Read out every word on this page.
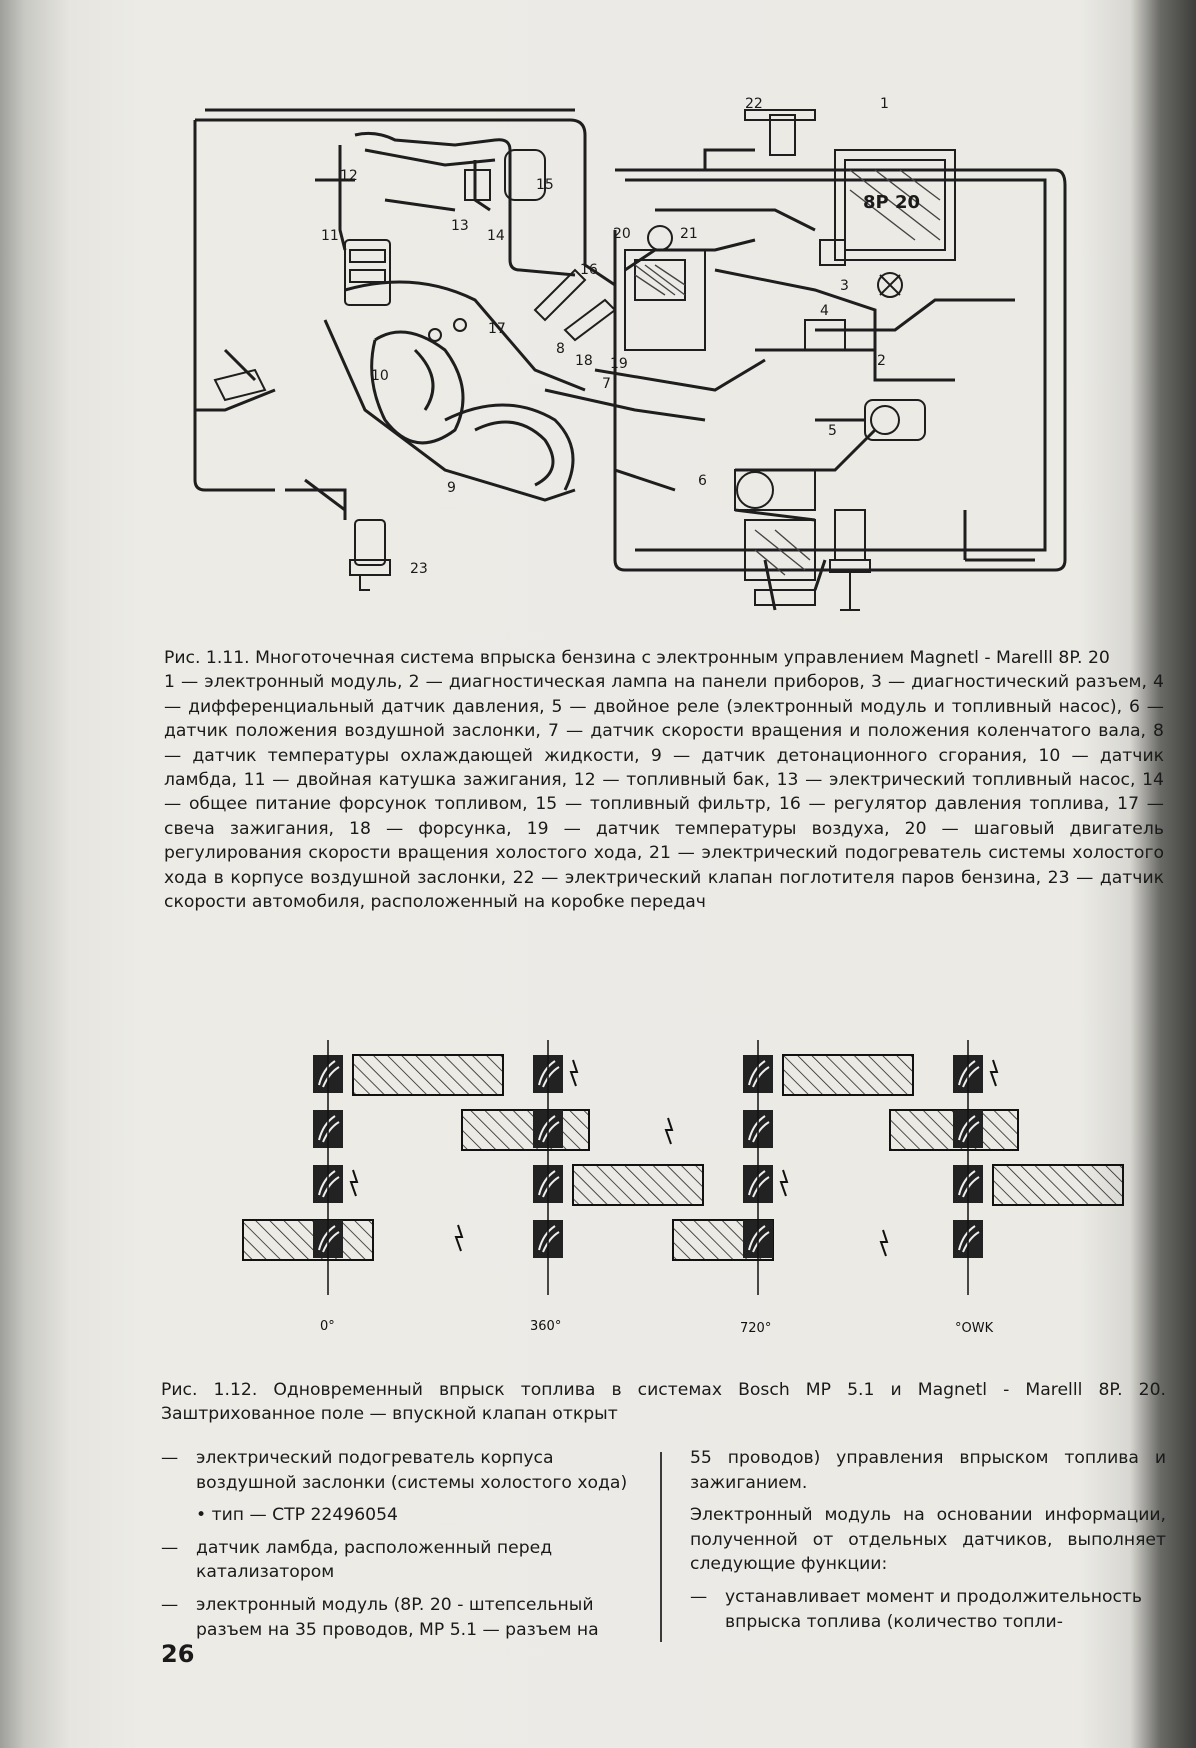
1
2
3
4
5
6
7
8
9
10
11
12
13
14
15
16
17
18 19
20	21
22
23
8P 20
Рис. 1.11. Многоточечная система впрыска бензина с электронным управлением Magnetl - Marelll 8P. 20
1 — электронный модуль, 2 — диагностическая лампа на панели приборов, 3 — диагностический разъем, 4 — дифференциальный датчик давления, 5 — двойное реле (электронный модуль и топливный насос), 6 — датчик положения воздушной заслонки, 7 — датчик скорости вращения и положения коленчатого вала, 8 — датчик температуры охлаждающей жидкости, 9 — датчик детонационного сгорания, 10 — датчик ламбда, 11 — двойная катушка зажигания, 12 — топливный бак, 13 — электрический топливный насос, 14 — общее питание форсунок топливом, 15 — топливный фильтр, 16 — регулятор давления топлива, 17 — свеча зажигания, 18 — форсунка, 19 — датчик температуры воздуха, 20 — шаговый двигатель регулирования скорости вращения холостого хода, 21 — электрический подогреватель системы холостого хода в корпусе воздушной заслонки, 22 — электрический клапан поглотителя паров бензина, 23 — датчик скорости автомобиля, расположенный на коробке передач
0°	360°	720°	°OWK
Рис. 1.12. Одновременный впрыск топлива в системах Bosch MP 5.1 и Magnetl - Marelll 8P. 20. Заштрихованное поле — впускной клапан открыт
—	электрический подогреватель корпуса воздушной заслонки (системы холостого хода)
• тип — СТР 22496054
—	датчик ламбда, расположенный перед катализатором
—	электронный модуль (8P. 20 - штепсельный разъем на 35 проводов, MP 5.1 — разъем на

55 проводов) управления впрыском топлива и зажиганием.

Электронный модуль на основании информации, полученной от отдельных датчиков, выполняет следующие функции:

—	устанавливает момент и продолжительность впрыска топлива (количество топли-
26
